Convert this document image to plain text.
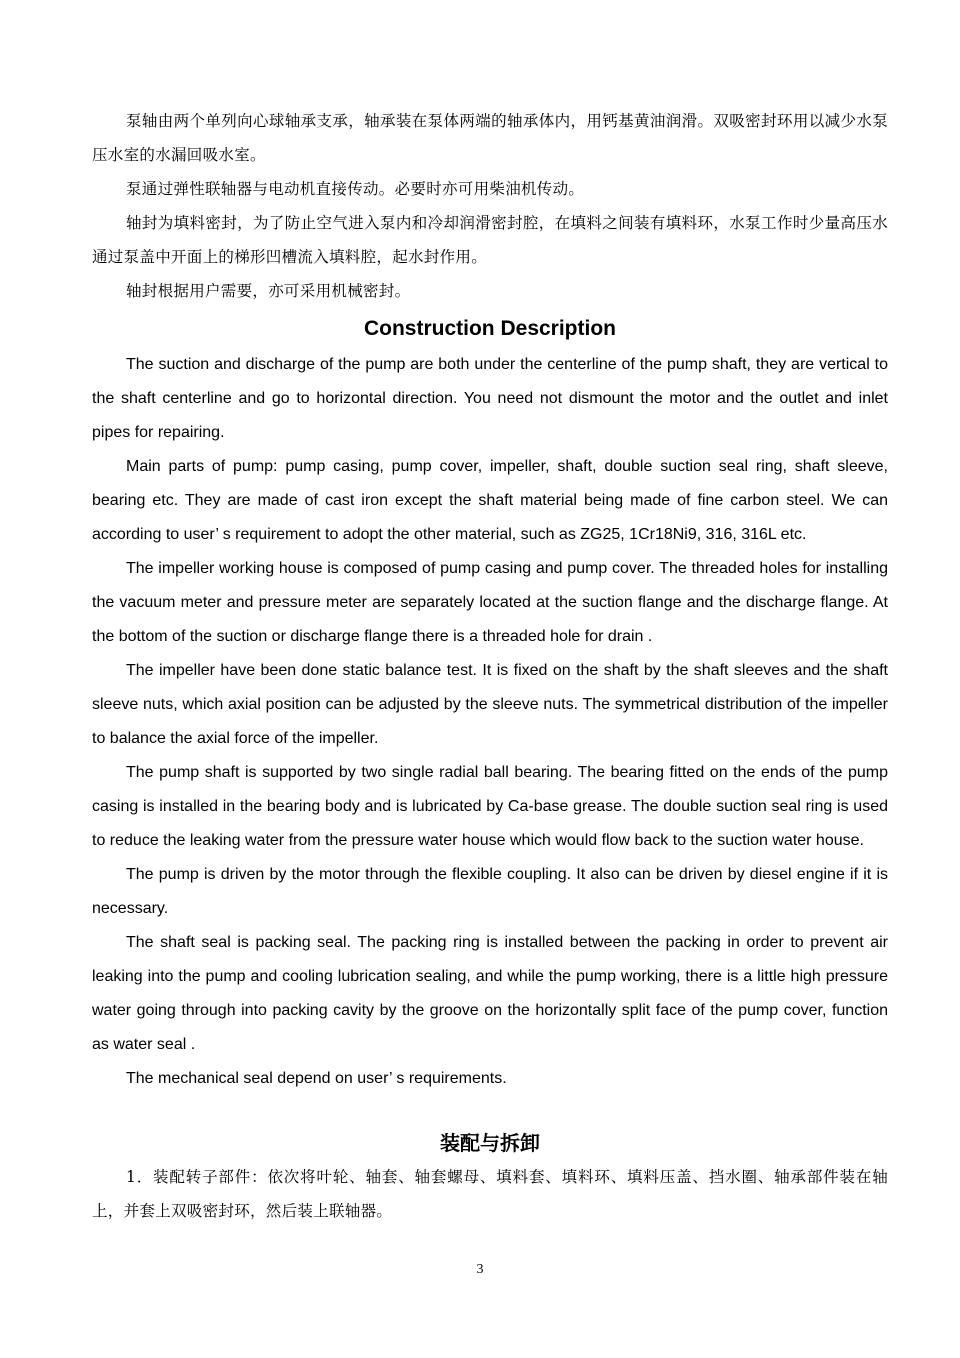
泵轴由两个单列向心球轴承支承，轴承装在泵体两端的轴承体内，用钙基黄油润滑。双吸密封环用以减少水泵压水室的水漏回吸水室。

泵通过弹性联轴器与电动机直接传动。必要时亦可用柴油机传动。

轴封为填料密封，为了防止空气进入泵内和冷却润滑密封腔，在填料之间装有填料环，水泵工作时少量高压水通过泵盖中开面上的梯形凹槽流入填料腔，起水封作用。

轴封根据用户需要，亦可采用机械密封。

Construction Description

The suction and discharge of the pump are both under the centerline of the pump shaft, they are vertical to the shaft centerline and go to horizontal direction. You need not dismount the motor and the outlet and inlet pipes for repairing.

Main parts of pump: pump casing, pump cover, impeller, shaft, double suction seal ring, shaft sleeve, bearing etc. They are made of cast iron except the shaft material being made of fine carbon steel. We can according to user’ s requirement to adopt the other material, such as ZG25, 1Cr18Ni9, 316, 316L etc.

The impeller working house is composed of pump casing and pump cover. The threaded holes for installing the vacuum meter and pressure meter are separately located at the suction flange and the discharge flange. At the bottom of the suction or discharge flange there is a threaded hole for drain .

The impeller have been done static balance test. It is fixed on the shaft by the shaft sleeves and the shaft sleeve nuts, which axial position can be adjusted by the sleeve nuts. The symmetrical distribution of the impeller to balance the axial force of the impeller.

The pump shaft is supported by two single radial ball bearing. The bearing fitted on the ends of the pump casing is installed in the bearing body and is lubricated by Ca-base grease. The double suction seal ring is used to reduce the leaking water from the pressure water house which would flow back to the suction water house.

The pump is driven by the motor through the flexible coupling. It also can be driven by diesel engine if it is necessary.

The shaft seal is packing seal. The packing ring is installed between the packing in order to prevent air leaking into the pump and cooling lubrication sealing, and while the pump working, there is a little high pressure water going through into packing cavity by the groove on the horizontally split face of the pump cover, function as water seal .

The mechanical seal depend on user’ s requirements.

装配与拆卸

1．装配转子部件：依次将叶轮、轴套、轴套螺母、填料套、填料环、填料压盖、挡水圈、轴承部件装在轴上，并套上双吸密封环，然后装上联轴器。

3
